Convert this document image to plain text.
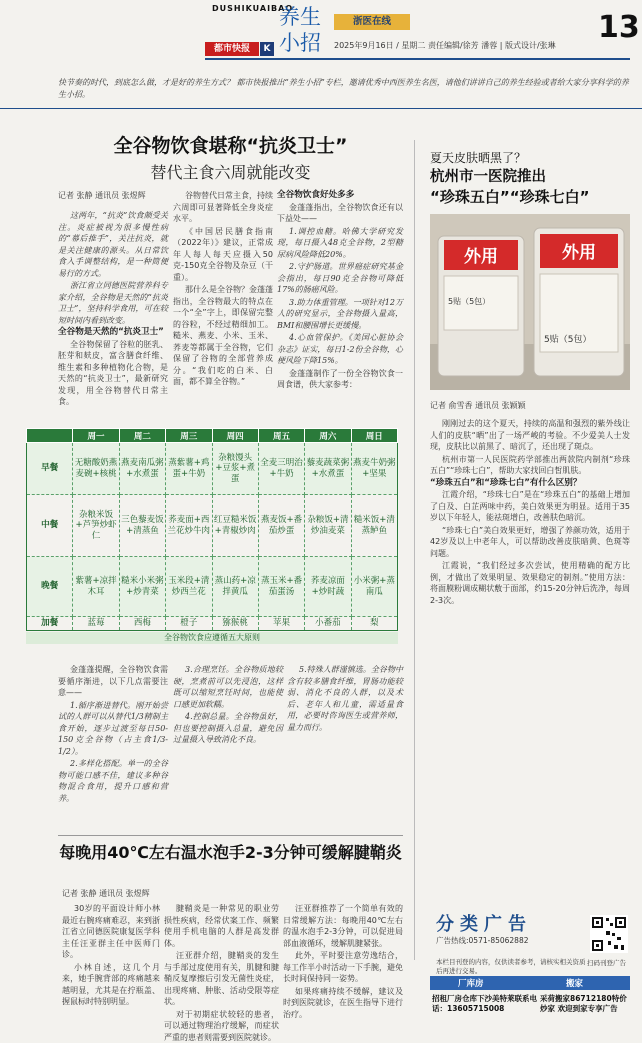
DUSHIKUAIBAO
都市快报	K
养生小招
浙医在线	13
2025年9月16日 / 星期二 责任编辑/徐芳 潘蓉 | 版式设计/张琳
快节奏的时代，到底怎么做，才是好的养生方式？ 都市快报推出“养生小招”专栏，邀请优秀中西医养生名医，请他们讲讲自己的养生经验或者给大家分享科学的养生小招。
全谷物饮食堪称“抗炎卫士”
替代主食六周就能改变
记者 张静 通讯员 张煜辉

这两年，“抗炎”饮食颇受关注。炎症被视为很多慢性病的“幕后推手”，关注抗炎，就是关注健康的源头。从日常饮食入手调整结构，是一种简便易行的方式。

浙江省立同德医院营养科专家介绍，全谷物是天然的“抗炎卫士”，坚持科学食用，可在较短时间内看到改变。

全谷物是天然的“抗炎卫士”

全谷物保留了谷粒的胚乳、胚芽和麸皮，富含膳食纤维、维生素和多种植物化合物，是天然的“抗炎卫士”，最新研究发现，用全谷物替代日常主食。

谷物替代日常主食，持续六周即可显著降低全身炎症水平。

《中国居民膳食指南（2022年）》建议，正常成年人每人每天应摄入50克-150克全谷物及杂豆（干重）。

那什么是全谷物？金蓬蓬指出，全谷物最大的特点在一个“全”字上，即保留完整的谷粒，不经过精细加工。糙米、燕麦、小米、玉米、荞麦等都属于全谷物，它们保留了谷物的全部营养成分。“我们吃的白米、白面，都不算全谷物。”

全谷物饮食好处多多

金蓬蓬指出，全谷物饮食还有以下益处——

1.调控血糖。哈佛大学研究发现，每日摄入48克全谷物，2型糖尿病风险降低20%。

2.守护肠道。世界癌症研究基金会指出，每日90克全谷物可降低17%的肠癌风险。

3.助力体重管理。一项针对12万人的研究显示，全谷物摄入量高，BMI和腰围增长更缓慢。

4.心血管保护。《美国心脏协会杂志》证实，每日1-2份全谷物，心梗风险下降15%。

金蓬蓬制作了一份全谷物饮食一周食谱，供大家参考：

	周一	周二	周三	周四	周五	周六	周日
早餐	无糖酸奶燕麦碗+核桃	燕麦南瓜粥+水煮蛋	蒸紫薯+鸡蛋+牛奶	杂粮馒头+豆浆+煮蛋	全麦三明治+牛奶	藜麦蔬菜粥+水煮蛋	燕麦牛奶粥+坚果
中餐	杂粮米饭+芦笋炒虾仁	三色藜麦饭+清蒸鱼	荞麦面+西兰花炒牛肉	红豆糙米饭+青椒炒肉	燕麦饭+番茄炒蛋	杂粮饭+清炒油麦菜	糙米饭+清蒸鲈鱼
晚餐	紫薯+凉拌木耳	糙米小米粥+炒青菜	玉米段+清炒西兰花	蒸山药+凉拌黄瓜	蒸玉米+番茄蛋汤	荞麦凉面+炒时蔬	小米粥+蒸南瓜
加餐	蓝莓	西梅	橙子	猕猴桃	苹果	小番茄	梨
全谷物饮食应遵循五大原则

金蓬蓬提醒，全谷物饮食需要循序渐进，以下几点需要注意——

1.循序渐进替代。刚开始尝试的人群可以从替代1/3精制主食开始，逐步过渡至每日50-150克全谷物（占主食1/3-1/2）。

2.多样化搭配。单一的全谷物可能口感不佳，建议多种谷物混合食用，提升口感和营养。

3.合理烹饪。全谷物质地较硬，烹煮前可以先浸泡，这样既可以缩短烹饪时间，也能使口感更加软糯。

4.控制总量。全谷物虽好，但也要控制摄入总量，避免因过量摄入导致消化不良。

5.特殊人群谨慎选。全谷物中含有较多膳食纤维，胃肠功能较弱、消化不良的人群，以及术后、老年人和儿童，需适量食用，必要时咨询医生或营养师，量力而行。

每晚用40℃左右温水泡手2-3分钟可缓解腱鞘炎
记者 张静 通讯员 张煜辉

30岁的平面设计师小林最近右腕疼痛难忍，来到浙江省立同德医院康复医学科主任汪亚群主任中医师门诊。

小林自述，这几个月来，她手腕背部的疼痛越来越明显，尤其是在拧瓶盖、握鼠标时特别明显。

腱鞘炎是一种常见的职业劳损性疾病，经常伏案工作、频繁使用手机电脑的人群是高发群体。

汪亚群介绍，腱鞘炎的发生与手部过度使用有关，肌腱和腱鞘反复摩擦后引发无菌性炎症，出现疼痛、肿胀、活动受限等症状。

对于初期症状较轻的患者，可以通过物理治疗缓解，而症状严重的患者则需要到医院就诊。

汪亚群推荐了一个简单有效的日常缓解方法：每晚用40℃左右的温水泡手2-3分钟，可以促进局部血液循环，缓解肌腱紧张。

此外，平时要注意劳逸结合，每工作半小时活动一下手腕，避免长时间保持同一姿势。

如果疼痛持续不缓解，建议及时到医院就诊，在医生指导下进行治疗。

夏天皮肤晒黑了？
杭州市一医院推出
“珍珠五白”“珍珠七白”
外用	外用
5贴（5包）
5贴（5包）
记者 俞雪香 通讯员 张颖颖

刚刚过去的这个夏天，持续的高温和强烈的紫外线让人们的皮肤“晒”出了一场严峻的考验。不少爱美人士发现，皮肤比以前黑了、暗沉了，还出现了斑点。

杭州市第一人民医院药学部推出两款院内制剂“珍珠五白”“珍珠七白”，帮助大家找回白皙肌肤。

“珍珠五白”和“珍珠七白”有什么区别？

江霞介绍，“珍珠七白”是在“珍珠五白”的基础上增加了白及、白芷两味中药，美白效果更为明显。适用于35岁以下年轻人，能祛斑增白，改善肤色暗沉。

“珍珠七白”美白效果更好，增强了养颜功效，适用于42岁及以上中老年人，可以帮助改善皮肤暗黄、色斑等问题。

江霞说，“我们经过多次尝试，使用精确的配方比例，才做出了效果明显、效果稳定的制剂。”使用方法：将面膜粉调成糊状敷于面部，约15-20分钟后洗净，每周2-3次。

分类广告
广告热线:0571-85062882
扫码刊登广告
本栏目刊登的内容，仅供读者参考，请核实相关资质后再进行交易。
厂库房	搬家
招租厂房仓库下沙美特莱联系电话：13605715008
采荷搬家86712180特价炒家 欢迎到家专享广告
